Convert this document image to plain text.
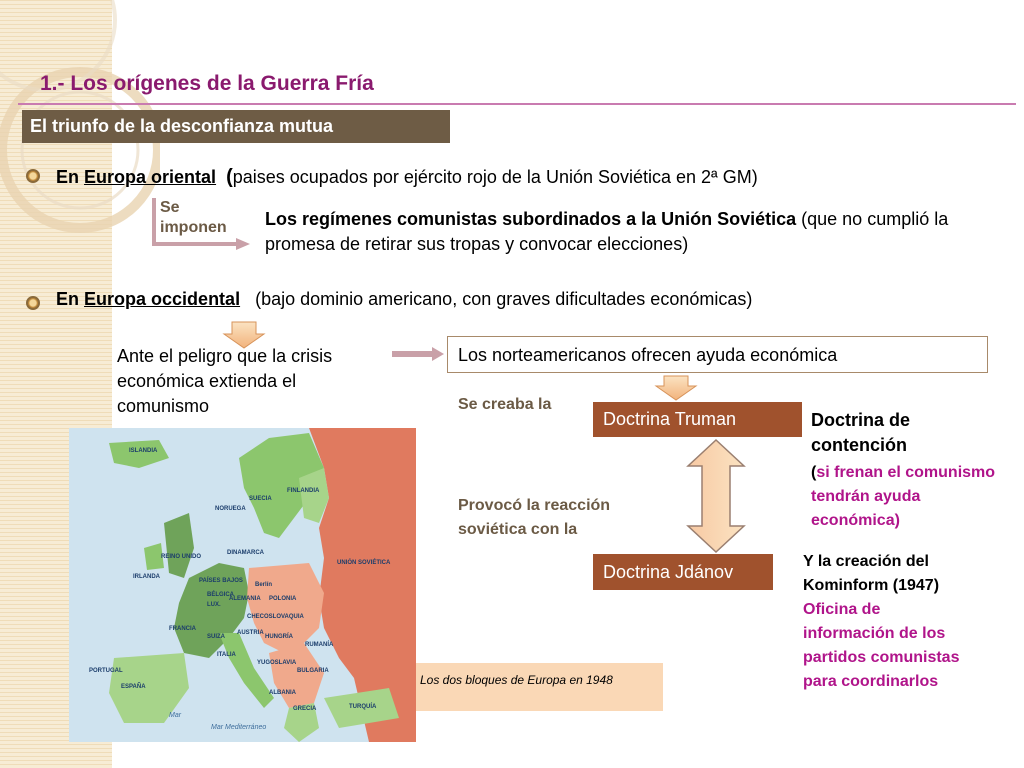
1.- Los orígenes de la Guerra Fría
El triunfo de la desconfianza mutua
En Europa oriental (paises ocupados por ejército rojo de la Unión Soviética en 2ª GM)
Se
imponen Los regímenes comunistas subordinados a la Unión Soviética (que no cumplió la promesa de retirar sus tropas y convocar elecciones)
En Europa occidental (bajo dominio americano, con graves dificultades económicas)
Ante el peligro que la crisis económica extienda el comunismo
Los norteamericanos ofrecen ayuda económica
Se creaba la
Doctrina Truman	Doctrina de contención
(si frenan el comunismo tendrán ayuda económica)
Provocó la reacción soviética con la
Doctrina Jdánov
Y la creación del Kominform (1947) Oficina de información de los partidos comunistas para coordinarlos
ISLANDIA
NORUEGA
SUECIA
FINLANDIA
DINAMARCA
REINO UNIDO
IRLANDA
PAÍSES BAJOS
BÉLGICA
LUX.
ALEMANIA
Berlín
POLONIA
UNIÓN SOVIÉTICA
FRANCIA
SUIZA
CHECOSLOVAQUIA
AUSTRIA
HUNGRÍA
RUMANÍA
ITALIA
YUGOSLAVIA
BULGARIA
PORTUGAL
ESPAÑA
ALBANIA
GRECIA	TURQUÍA
Mar Mediterráneo
Mar
Los dos bloques de Europa en 1948
